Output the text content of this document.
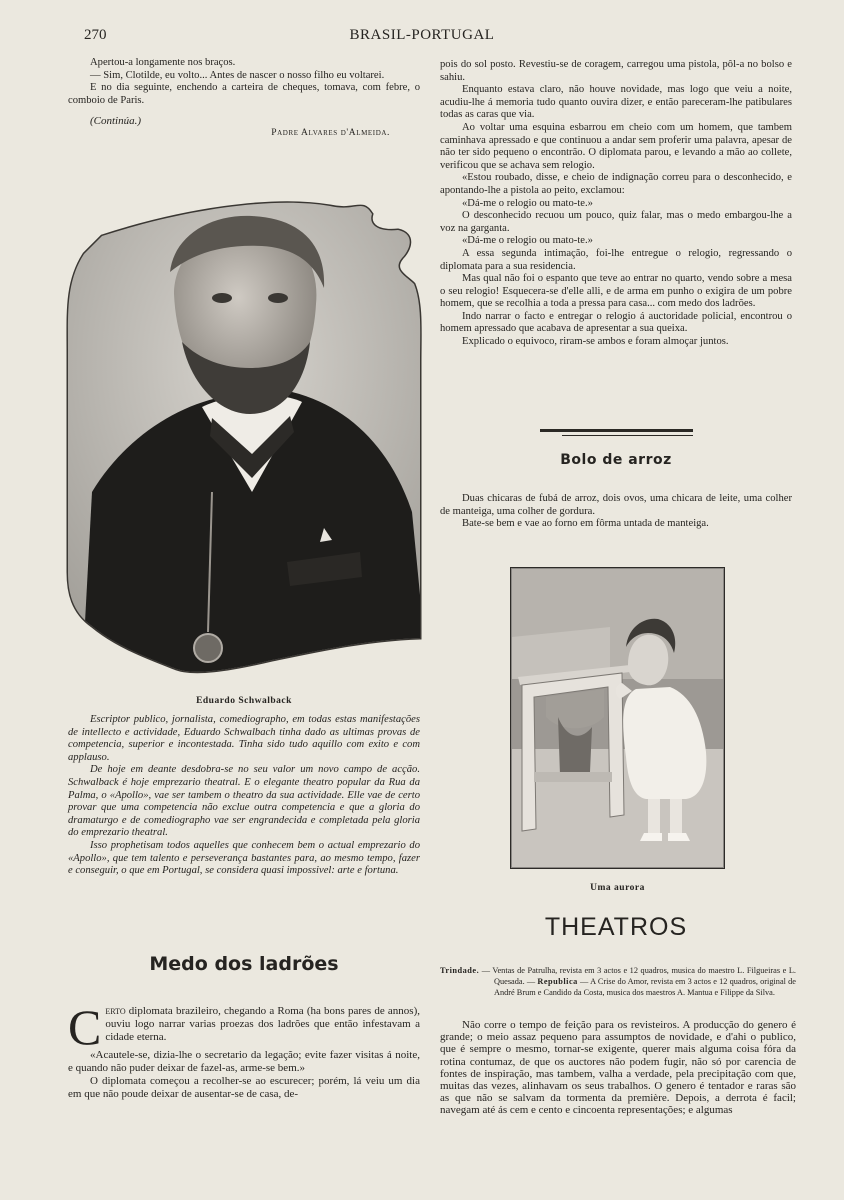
270	BRASIL-PORTUGAL

Apertou-a longamente nos braços.

— Sim, Clotilde, eu volto... Antes de nascer o nosso filho eu voltarei.

E no dia seguinte, enchendo a carteira de cheques, tomava, com febre, o comboio de Paris.

(Continúa.)
Padre Alvares d'Almeida.
Eduardo Schwalback

Escriptor publico, jornalista, comediographo, em todas estas manifestações de intellecto e actividade, Eduardo Schwalbach tinha dado as ultimas provas de competencia, superior e incontestada. Tinha sido tudo aquillo com exito e com applauso.

De hoje em deante desdobra-se no seu valor um novo campo de acção. Schwalback é hoje emprezario theatral. E o elegante theatro popular da Rua da Palma, o «Apollo», vae ser tambem o theatro da sua actividade. Elle vae de certo provar que uma competencia não exclue outra competencia e que a gloria do dramaturgo e de comediographo vae ser engrandecida e completada pela gloria do emprezario theatral.

Isso prophetisam todos aquelles que conhecem bem o actual emprezario do «Apollo», que tem talento e perseverança bastantes para, ao mesmo tempo, fazer e conseguir, o que em Portugal, se considera quasi impossivel: arte e fortuna.

Medo dos ladrões

Certo diplomata brazileiro, chegando a Roma (ha bons pares de annos), ouviu logo narrar varias proezas dos ladrões que então infestavam a cidade eterna.

«Acautele-se, dizia-lhe o secretario da legação; evite fazer visitas á noite, e quando não puder deixar de fazel-as, arme-se bem.»

O diplomata começou a recolher-se ao escurecer; porém, lá veiu um dia em que não poude deixar de ausentar-se de casa, de-

pois do sol posto. Revestiu-se de coragem, carregou uma pistola, pôl-a no bolso e sahiu.

Enquanto estava claro, não houve novidade, mas logo que veiu a noite, acudiu-lhe á memoria tudo quanto ouvira dizer, e então pareceram-lhe patibulares todas as caras que via.

Ao voltar uma esquina esbarrou em cheio com um homem, que tambem caminhava apressado e que continuou a andar sem proferir uma palavra, apesar de não ter sido pequeno o encontrão. O diplomata parou, e levando a mão ao collete, verificou que se achava sem relogio.

«Estou roubado, disse, e cheio de indignação correu para o desconhecido, e apontando-lhe a pistola ao peito, exclamou:

«Dá-me o relogio ou mato-te.»

O desconhecido recuou um pouco, quiz falar, mas o medo embargou-lhe a voz na garganta.

«Dá-me o relogio ou mato-te.»

A essa segunda intimação, foi-lhe entregue o relogio, regressando o diplomata para a sua residencia.

Mas qual não foi o espanto que teve ao entrar no quarto, vendo sobre a mesa o seu relogio! Esquecera-se d'elle alli, e de arma em punho o exigira de um pobre homem, que se recolhia a toda a pressa para casa... com medo dos ladrões.

Indo narrar o facto e entregar o relogio á auctoridade policial, encontrou o homem apressado que acabava de apresentar a sua queixa.

Explicado o equivoco, riram-se ambos e foram almoçar juntos.

Bolo de arroz

Duas chicaras de fubá de arroz, dois ovos, uma chicara de leite, uma colher de manteiga, uma colher de gordura.

Bate-se bem e vae ao forno em fôrma untada de manteiga.

Uma aurora
THEATROS

Trindade. — Ventas de Patrulha, revista em 3 actos e 12 quadros, musica do maestro L. Filgueiras e L. Quesada. — Republica — A Crise do Amor, revista em 3 actos e 12 quadros, original de André Brum e Candido da Costa, musica dos maestros A. Mantua e Filippe da Silva.

Não corre o tempo de feição para os revisteiros. A producção do genero é grande; o meio assaz pequeno para assumptos de novidade, e d'ahi o publico, que é sempre o mesmo, tornar-se exigente, querer mais alguma coisa fóra da rotina contumaz, de que os auctores não podem fugir, não só por carencia de fontes de inspiração, mas tambem, valha a verdade, pela precipitação com que, muitas das vezes, alinhavam os seus trabalhos. O genero é tentador e raras são as que não se salvam da tormenta da première. Depois, a derrota é facil; navegam até ás cem e cento e cincoenta representações; e algumas
